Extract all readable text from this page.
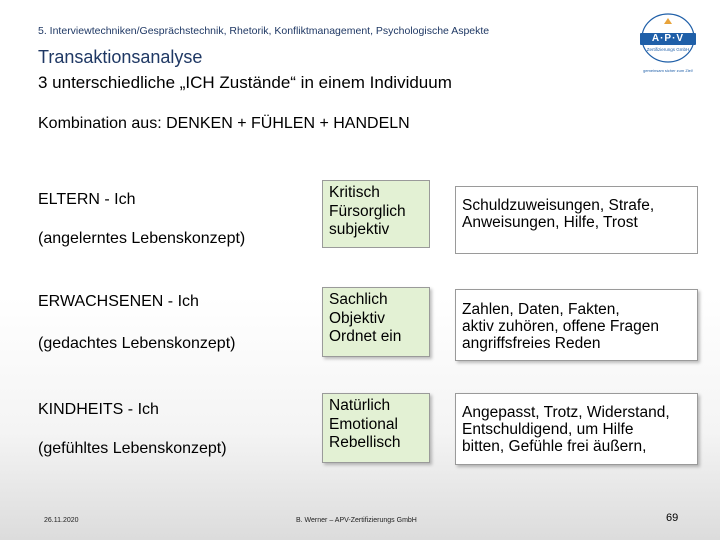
5. Interviewtechniken/Gesprächstechnik, Rhetorik, Konfliktmanagement, Psychologische Aspekte
Transaktionsanalyse
3 unterschiedliche „ICH Zustände“ in einem Individuum
A·P·V
Zertifizierungs GmbH
gemeinsam sicher zum Ziel!
Kombination aus: DENKEN + FÜHLEN + HANDELN
ELTERN - Ich
(angelerntes Lebenskonzept)
Kritisch
Fürsorglich
subjektiv
Schuldzuweisungen, Strafe,
Anweisungen, Hilfe, Trost
ERWACHSENEN - Ich
(gedachtes Lebenskonzept)
Sachlich
Objektiv
Ordnet ein
Zahlen, Daten, Fakten,
aktiv zuhören, offene Fragen
angriffsfreies Reden
KINDHEITS - Ich
(gefühltes Lebenskonzept)
Natürlich
Emotional
Rebellisch
Angepasst, Trotz, Widerstand,
Entschuldigend, um Hilfe
bitten, Gefühle frei äußern,
26.11.2020	B. Werner – APV-Zertifizierungs GmbH	69
